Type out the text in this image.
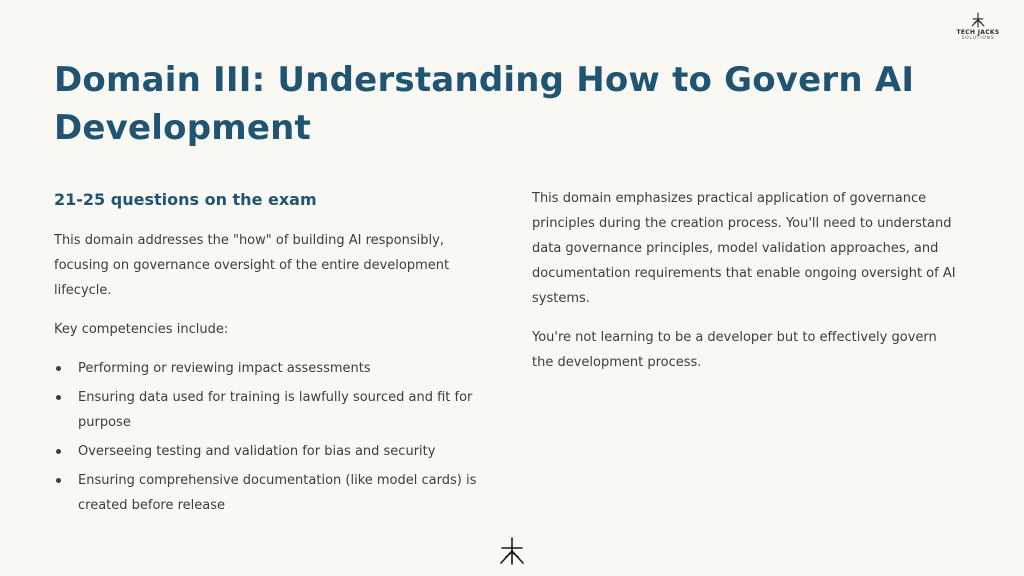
TECH JACKS
SOLUTIONS
Domain III: Understanding How to Govern AI Development
21-25 questions on the exam

This domain addresses the "how" of building AI responsibly, focusing on governance oversight of the entire development lifecycle.

Key competencies include:

Performing or reviewing impact assessments
Ensuring data used for training is lawfully sourced and fit for purpose
Overseeing testing and validation for bias and security
Ensuring comprehensive documentation (like model cards) is created before release

This domain emphasizes practical application of governance principles during the creation process. You'll need to understand data governance principles, model validation approaches, and documentation requirements that enable ongoing oversight of AI systems.

You're not learning to be a developer but to effectively govern the development process.
